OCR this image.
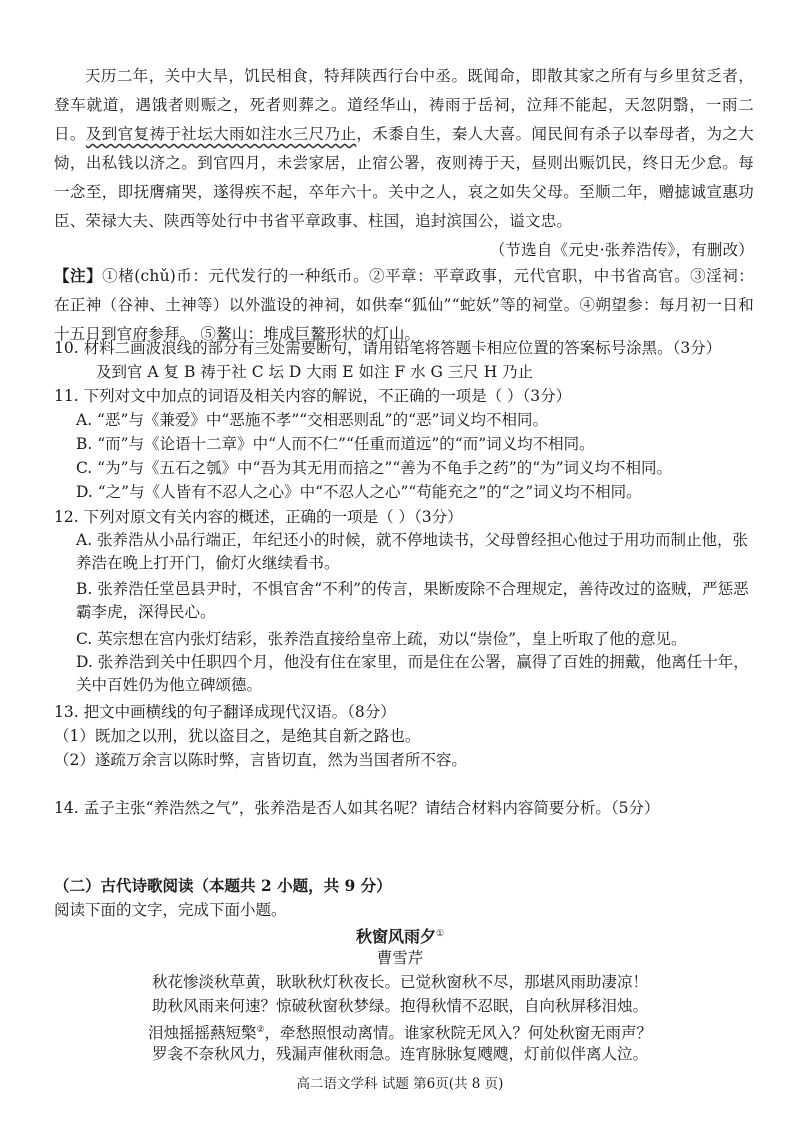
天历二年，关中大旱，饥民相食，特拜陕西行台中丞。既闻命，即散其家之所有与乡里贫乏者，登车就道，遇饿者则赈之，死者则葬之。道经华山，祷雨于岳祠，泣拜不能起，天忽阴翳，一雨二日。及到官复祷于社坛大雨如注水三尺乃止，禾黍自生，秦人大喜。闻民间有杀子以奉母者，为之大恸，出私钱以济之。到官四月，未尝家居，止宿公署，夜则祷于天，昼则出赈饥民，终日无少怠。每一念至，即抚膺痛哭，遂得疾不起，卒年六十。关中之人，哀之如失父母。至顺二年，赠摅诚宣惠功臣、荣禄大夫、陕西等处行中书省平章政事、柱国，追封滨国公，谥文忠。
（节选自《元史·张养浩传》，有删改）
【注】①楮(chǔ)币：元代发行的一种纸币。②平章：平章政事，元代官职，中书省高官。③淫祠：在正神（谷神、土神等）以外滥设的神祠，如供奉“狐仙”“蛇妖”等的祠堂。④朔望参：每月初一日和十五日到官府参拜。 ⑤鳌山：堆成巨鳌形状的灯山。
10. 材料二画波浪线的部分有三处需要断句，请用铅笔将答题卡相应位置的答案标号涂黑。（3分）
及到官 A 复 B 祷于社 C 坛 D 大雨 E 如注 F 水 G 三尺 H 乃止
11. 下列对文中加点的词语及相关内容的解说，不正确的一项是（ ）（3分）
A. “恶”与《兼爱》中“恶施不孝”“交相恶则乱”的“恶”词义均不相同。
B. “而”与《论语十二章》中“人而不仁”“任重而道远”的“而”词义均不相同。
C. “为”与《五石之瓠》中“吾为其无用而掊之”“善为不龟手之药”的“为”词义均不相同。
D. “之”与《人皆有不忍人之心》中“不忍人之心”“苟能充之”的“之”词义均不相同。
12. 下列对原文有关内容的概述，正确的一项是（ ）（3分）
A. 张养浩从小品行端正，年纪还小的时候，就不停地读书，父母曾经担心他过于用功而制止他，张养浩在晚上打开门，偷灯火继续看书。
B. 张养浩任堂邑县尹时，不惧官舍“不利”的传言，果断废除不合理规定，善待改过的盗贼，严惩恶霸李虎，深得民心。
C. 英宗想在宫内张灯结彩，张养浩直接给皇帝上疏，劝以“崇俭”，皇上听取了他的意见。
D. 张养浩到关中任职四个月，他没有住在家里，而是住在公署，赢得了百姓的拥戴，他离任十年，关中百姓仍为他立碑颂德。
13. 把文中画横线的句子翻译成现代汉语。（8分）
（1）既加之以刑，犹以盗目之，是绝其自新之路也。
（2）遂疏万余言以陈时弊，言皆切直，然为当国者所不容。
14. 孟子主张“养浩然之气”，张养浩是否人如其名呢？请结合材料内容简要分析。（5分）
（二）古代诗歌阅读（本题共 2 小题，共 9 分）
阅读下面的文字，完成下面小题。
秋窗风雨夕①
曹雪芹
秋花惨淡秋草黄，耿耿秋灯秋夜长。已觉秋窗秋不尽，那堪风雨助凄凉！
助秋风雨来何速？惊破秋窗秋梦绿。抱得秋情不忍眠，自向秋屏移泪烛。
泪烛摇摇爇短檠②，牵愁照恨动离情。谁家秋院无风入？何处秋窗无雨声？
罗衾不奈秋风力，残漏声催秋雨急。连宵脉脉复飕飕，灯前似伴离人泣。
高二语文学科 试题 第6页(共 8 页)
